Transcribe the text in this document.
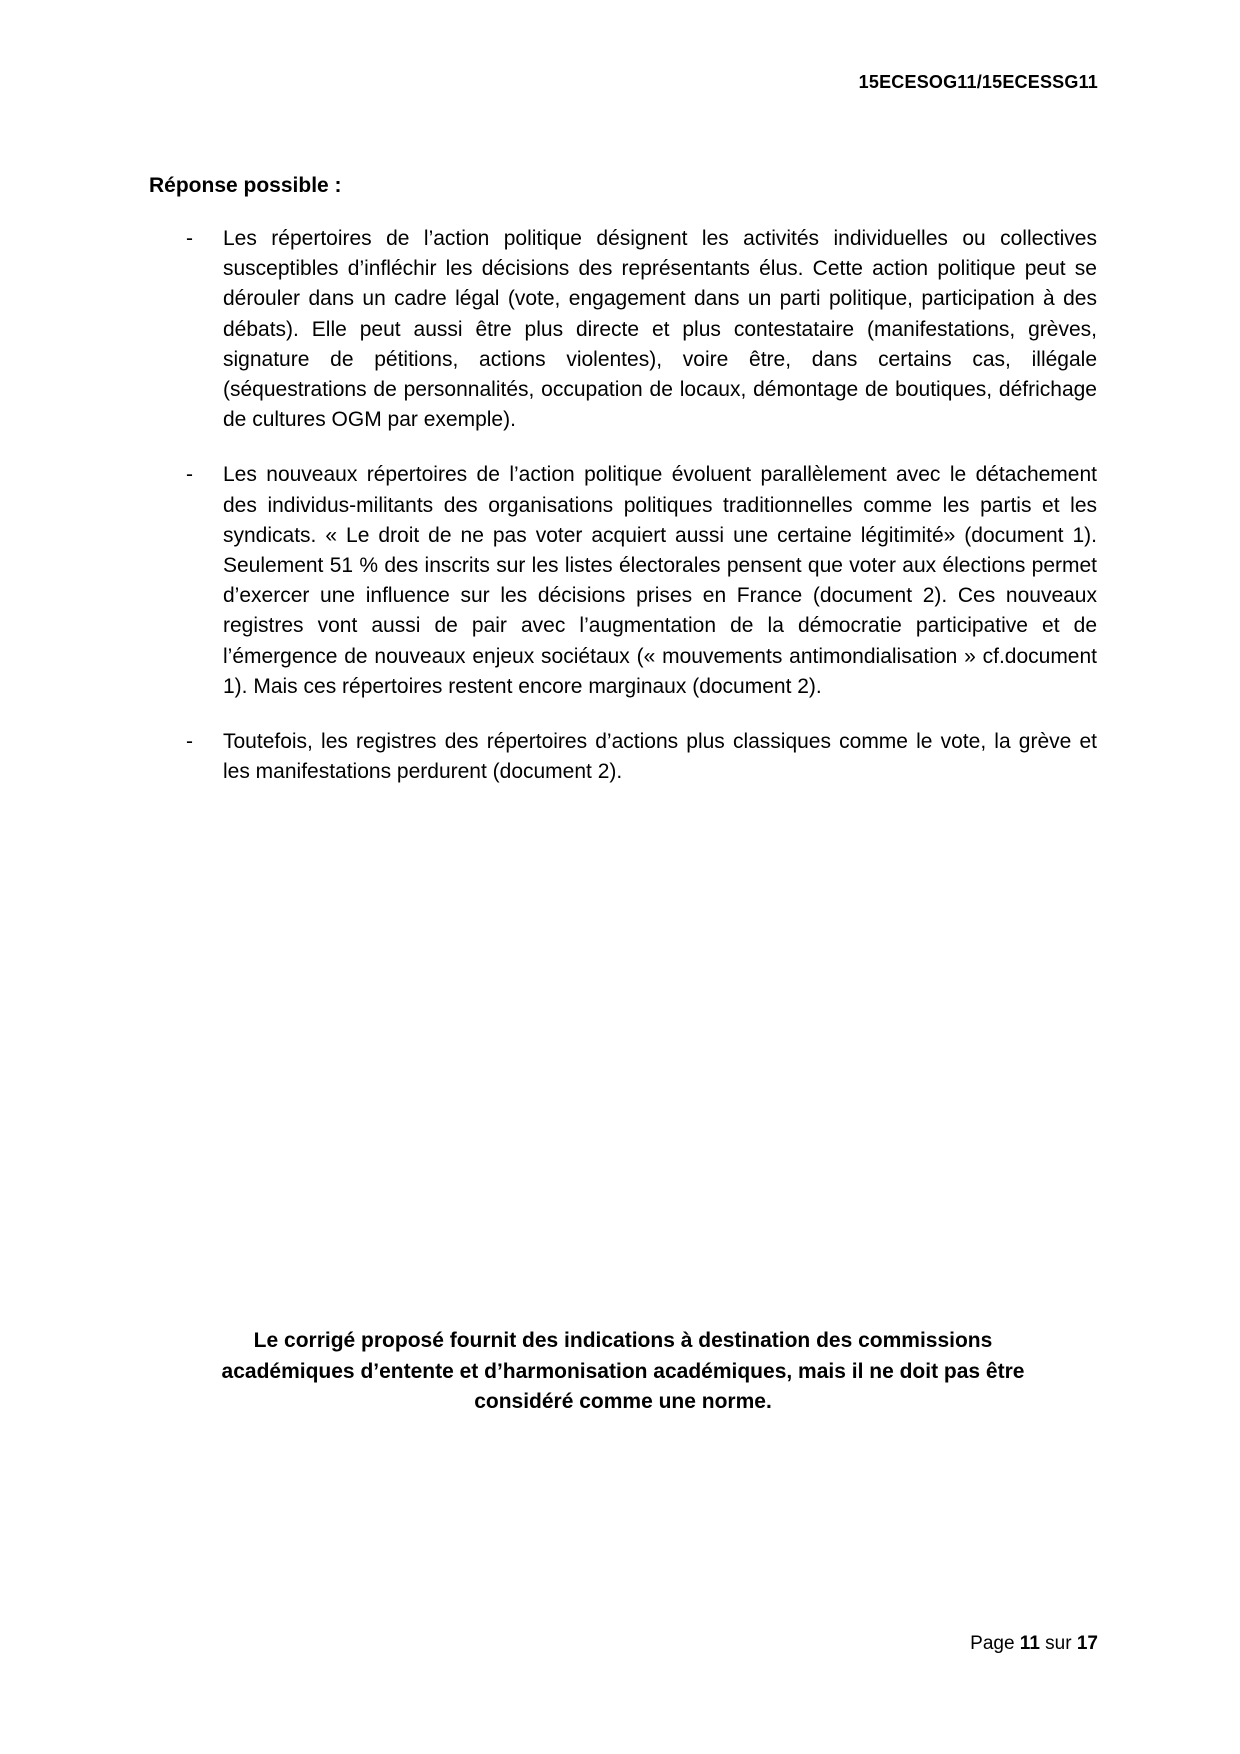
15ECESOG11/15ECESSG11
Réponse possible :
- Les répertoires de l’action politique désignent les activités individuelles ou collectives susceptibles d’infléchir les décisions des représentants élus. Cette action politique peut se dérouler dans un cadre légal (vote, engagement dans un parti politique, participation à des débats). Elle peut aussi être plus directe et plus contestataire (manifestations, grèves, signature de pétitions, actions violentes), voire être, dans certains cas, illégale (séquestrations de personnalités, occupation de locaux, démontage de boutiques, défrichage de cultures OGM par exemple).
- Les nouveaux répertoires de l’action politique évoluent parallèlement avec le détachement des individus-militants des organisations politiques traditionnelles comme les partis et les syndicats. « Le droit de ne pas voter acquiert aussi une certaine légitimité» (document 1). Seulement 51 % des inscrits sur les listes électorales pensent que voter aux élections permet d’exercer une influence sur les décisions prises en France (document 2). Ces nouveaux registres vont aussi de pair avec l’augmentation de la démocratie participative et de l’émergence de nouveaux enjeux sociétaux (« mouvements antimondialisation » cf.document 1). Mais ces répertoires restent encore marginaux (document 2).
- Toutefois, les registres des répertoires d’actions plus classiques comme le vote, la grève et les manifestations perdurent (document 2).
Le corrigé proposé fournit des indications à destination des commissions
académiques d’entente et d’harmonisation académiques, mais il ne doit pas être
considéré comme une norme.
Page 11 sur 17
